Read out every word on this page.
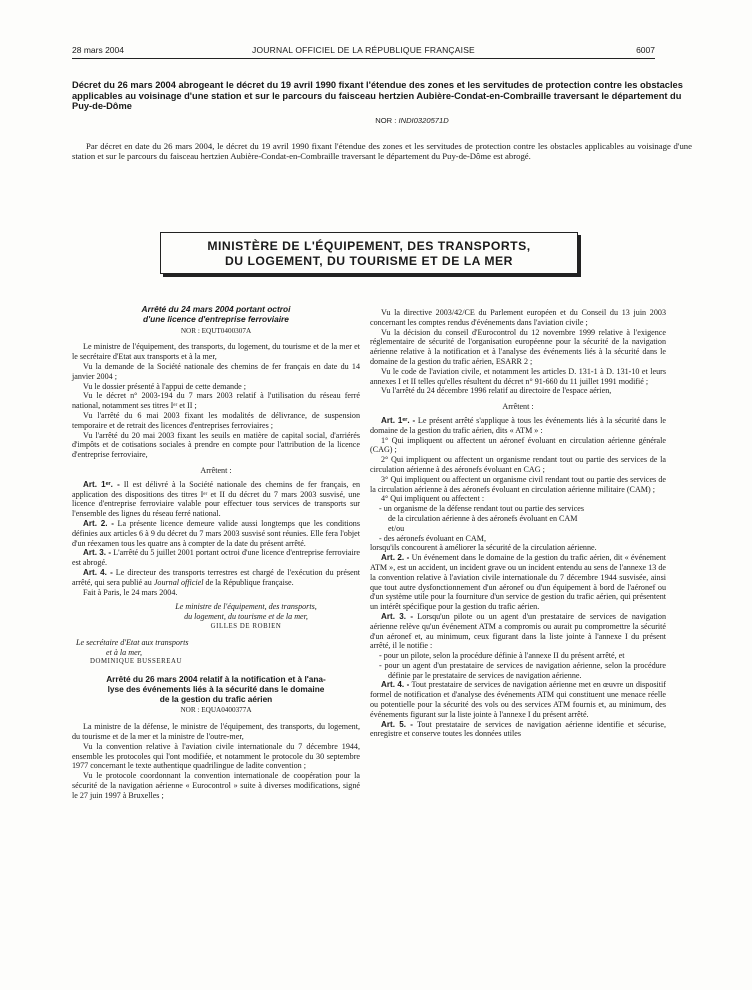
28 mars 2004	JOURNAL OFFICIEL DE LA RÉPUBLIQUE FRANÇAISE	6007
Décret du 26 mars 2004 abrogeant le décret du 19 avril 1990 fixant l'étendue des zones et les servitudes de protection contre les obstacles applicables au voisinage d'une station et sur le parcours du faisceau hertzien Aubière-Condat-en-Combraille traversant le département du Puy-de-Dôme
NOR : INDI0320571D
Par décret en date du 26 mars 2004, le décret du 19 avril 1990 fixant l'étendue des zones et les servitudes de protection contre les obstacles applicables au voisinage d'une station et sur le parcours du faisceau hertzien Aubière-Condat-en-Combraille traversant le département du Puy-de-Dôme est abrogé.
MINISTÈRE DE L'ÉQUIPEMENT, DES TRANSPORTS,
DU LOGEMENT, DU TOURISME ET DE LA MER

Arrêté du 24 mars 2004 portant octroi

d'une licence d'entreprise ferroviaire

NOR : EQUT0400307A

Le ministre de l'équipement, des transports, du logement, du tourisme et de la mer et le secrétaire d'Etat aux transports et à la mer,

Vu la demande de la Société nationale des chemins de fer français en date du 14 janvier 2004 ;

Vu le dossier présenté à l'appui de cette demande ;

Vu le décret n° 2003-194 du 7 mars 2003 relatif à l'utilisation du réseau ferré national, notamment ses titres Iᵉʳ et II ;

Vu l'arrêté du 6 mai 2003 fixant les modalités de délivrance, de suspension temporaire et de retrait des licences d'entreprises ferroviaires ;

Vu l'arrêté du 20 mai 2003 fixant les seuils en matière de capital social, d'arriérés d'impôts et de cotisations sociales à prendre en compte pour l'attribution de la licence d'entreprise ferroviaire,

Arrêtent :

Art. 1ᵉʳ. - Il est délivré à la Société nationale des chemins de fer français, en application des dispositions des titres Iᵉʳ et II du décret du 7 mars 2003 susvisé, une licence d'entreprise ferroviaire valable pour effectuer tous services de transports sur l'ensemble des lignes du réseau ferré national.

Art. 2. - La présente licence demeure valide aussi longtemps que les conditions définies aux articles 6 à 9 du décret du 7 mars 2003 susvisé sont réunies. Elle fera l'objet d'un réexamen tous les quatre ans à compter de la date du présent arrêté.

Art. 3. - L'arrêté du 5 juillet 2001 portant octroi d'une licence d'entreprise ferroviaire est abrogé.

Art. 4. - Le directeur des transports terrestres est chargé de l'exécution du présent arrêté, qui sera publié au Journal officiel de la République française.

Fait à Paris, le 24 mars 2004.

Le ministre de l'équipement, des transports,

du logement, du tourisme et de la mer,

GILLES DE ROBIEN

Le secrétaire d'Etat aux transports

et à la mer,

DOMINIQUE BUSSEREAU

Arrêté du 26 mars 2004 relatif à la notification et à l'ana-

lyse des événements liés à la sécurité dans le domaine

de la gestion du trafic aérien

NOR : EQUA0400377A

La ministre de la défense, le ministre de l'équipement, des transports, du logement, du tourisme et de la mer et la ministre de l'outre-mer,

Vu la convention relative à l'aviation civile internationale du 7 décembre 1944, ensemble les protocoles qui l'ont modifiée, et notamment le protocole du 30 septembre 1977 concernant le texte authentique quadrilingue de ladite convention ;

Vu le protocole coordonnant la convention internationale de coopération pour la sécurité de la navigation aérienne « Eurocontrol » suite à diverses modifications, signé le 27 juin 1997 à Bruxelles ;

Vu la directive 2003/42/CE du Parlement européen et du Conseil du 13 juin 2003 concernant les comptes rendus d'événements dans l'aviation civile ;

Vu la décision du conseil d'Eurocontrol du 12 novembre 1999 relative à l'exigence réglementaire de sécurité de l'organisation européenne pour la sécurité de la navigation aérienne relative à la notification et à l'analyse des événements liés à la sécurité dans le domaine de la gestion du trafic aérien, ESARR 2 ;

Vu le code de l'aviation civile, et notamment les articles D. 131-1 à D. 131-10 et leurs annexes I et II telles qu'elles résultent du décret n° 91-660 du 11 juillet 1991 modifié ;

Vu l'arrêté du 24 décembre 1996 relatif au directoire de l'espace aérien,

Arrêtent :

Art. 1ᵉʳ. - Le présent arrêté s'applique à tous les événements liés à la sécurité dans le domaine de la gestion du trafic aérien, dits « ATM » :

1° Qui impliquent ou affectent un aéronef évoluant en circulation aérienne générale (CAG) ;

2° Qui impliquent ou affectent un organisme rendant tout ou partie des services de la circulation aérienne à des aéronefs évoluant en CAG ;

3° Qui impliquent ou affectent un organisme civil rendant tout ou partie des services de la circulation aérienne à des aéronefs évoluant en circulation aérienne militaire (CAM) ;

4° Qui impliquent ou affectent :

- un organisme de la défense rendant tout ou partie des services

de la circulation aérienne à des aéronefs évoluant en CAM

et/ou

- des aéronefs évoluant en CAM,

lorsqu'ils concourent à améliorer la sécurité de la circulation aérienne.

Art. 2. - Un événement dans le domaine de la gestion du trafic aérien, dit « événement ATM », est un accident, un incident grave ou un incident entendu au sens de l'annexe 13 de la convention relative à l'aviation civile internationale du 7 décembre 1944 susvisée, ainsi que tout autre dysfonctionnement d'un aéronef ou d'un équipement à bord de l'aéronef ou d'un système utile pour la fourniture d'un service de gestion du trafic aérien, qui présentent un intérêt spécifique pour la gestion du trafic aérien.

Art. 3. - Lorsqu'un pilote ou un agent d'un prestataire de services de navigation aérienne relève qu'un événement ATM a compromis ou aurait pu compromettre la sécurité d'un aéronef et, au minimum, ceux figurant dans la liste jointe à l'annexe I du présent arrêté, il le notifie :

- pour un pilote, selon la procédure définie à l'annexe II du présent arrêté, et

- pour un agent d'un prestataire de services de navigation aérienne, selon la procédure définie par le prestataire de services de navigation aérienne.

Art. 4. - Tout prestataire de services de navigation aérienne met en œuvre un dispositif formel de notification et d'analyse des événements ATM qui constituent une menace réelle ou potentielle pour la sécurité des vols ou des services ATM fournis et, au minimum, des événements figurant sur la liste jointe à l'annexe I du présent arrêté.

Art. 5. - Tout prestataire de services de navigation aérienne identifie et sécurise, enregistre et conserve toutes les données utiles
